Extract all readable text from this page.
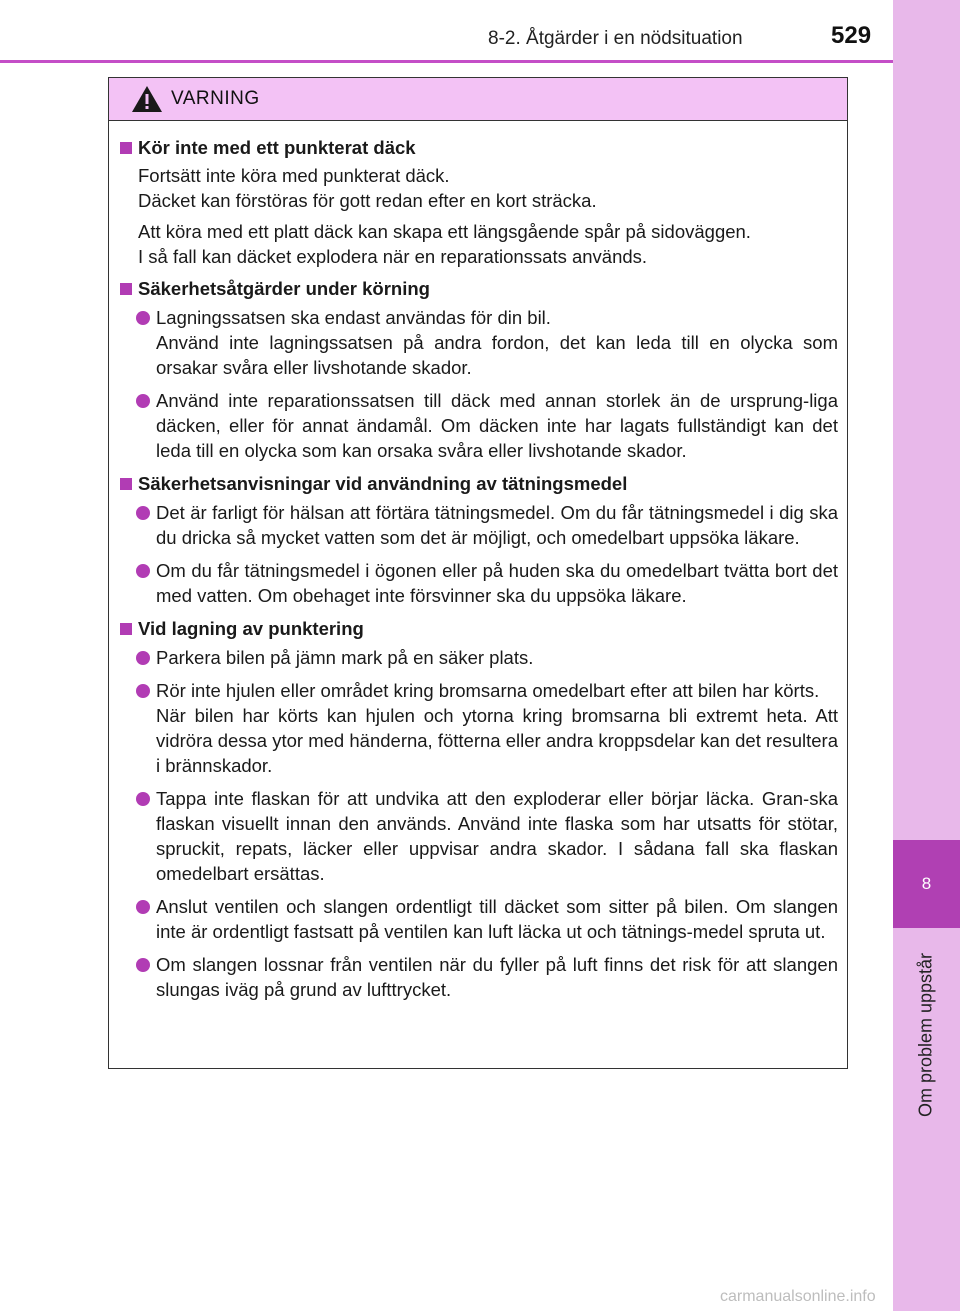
8-2. Åtgärder i en nödsituation	529
8
Om problem uppstår
VARNING
Kör inte med ett punkterat däck

Fortsätt inte köra med punkterat däck.
Däcket kan förstöras för gott redan efter en kort sträcka.

Att köra med ett platt däck kan skapa ett längsgående spår på sidoväggen.
I så fall kan däcket explodera när en reparationssats används.

Säkerhetsåtgärder under körning
Lagningssatsen ska endast användas för din bil.
Använd inte lagningssatsen på andra fordon, det kan leda till en olycka som orsakar svåra eller livshotande skador.
Använd inte reparationssatsen till däck med annan storlek än de ursprung-liga däcken, eller för annat ändamål. Om däcken inte har lagats fullständigt kan det leda till en olycka som kan orsaka svåra eller livshotande skador.
Säkerhetsanvisningar vid användning av tätningsmedel
Det är farligt för hälsan att förtära tätningsmedel. Om du får tätningsmedel i dig ska du dricka så mycket vatten som det är möjligt, och omedelbart uppsöka läkare.
Om du får tätningsmedel i ögonen eller på huden ska du omedelbart tvätta bort det med vatten. Om obehaget inte försvinner ska du uppsöka läkare.
Vid lagning av punktering
Parkera bilen på jämn mark på en säker plats.
Rör inte hjulen eller området kring bromsarna omedelbart efter att bilen har körts.
När bilen har körts kan hjulen och ytorna kring bromsarna bli extremt heta. Att vidröra dessa ytor med händerna, fötterna eller andra kroppsdelar kan det resultera i brännskador.
Tappa inte flaskan för att undvika att den exploderar eller börjar läcka. Gran-ska flaskan visuellt innan den används. Använd inte flaska som har utsatts för stötar, spruckit, repats, läcker eller uppvisar andra skador. I sådana fall ska flaskan omedelbart ersättas.
Anslut ventilen och slangen ordentligt till däcket som sitter på bilen. Om slangen inte är ordentligt fastsatt på ventilen kan luft läcka ut och tätnings-medel spruta ut.
Om slangen lossnar från ventilen när du fyller på luft finns det risk för att slangen slungas iväg på grund av lufttrycket.
carmanualsonline.info
